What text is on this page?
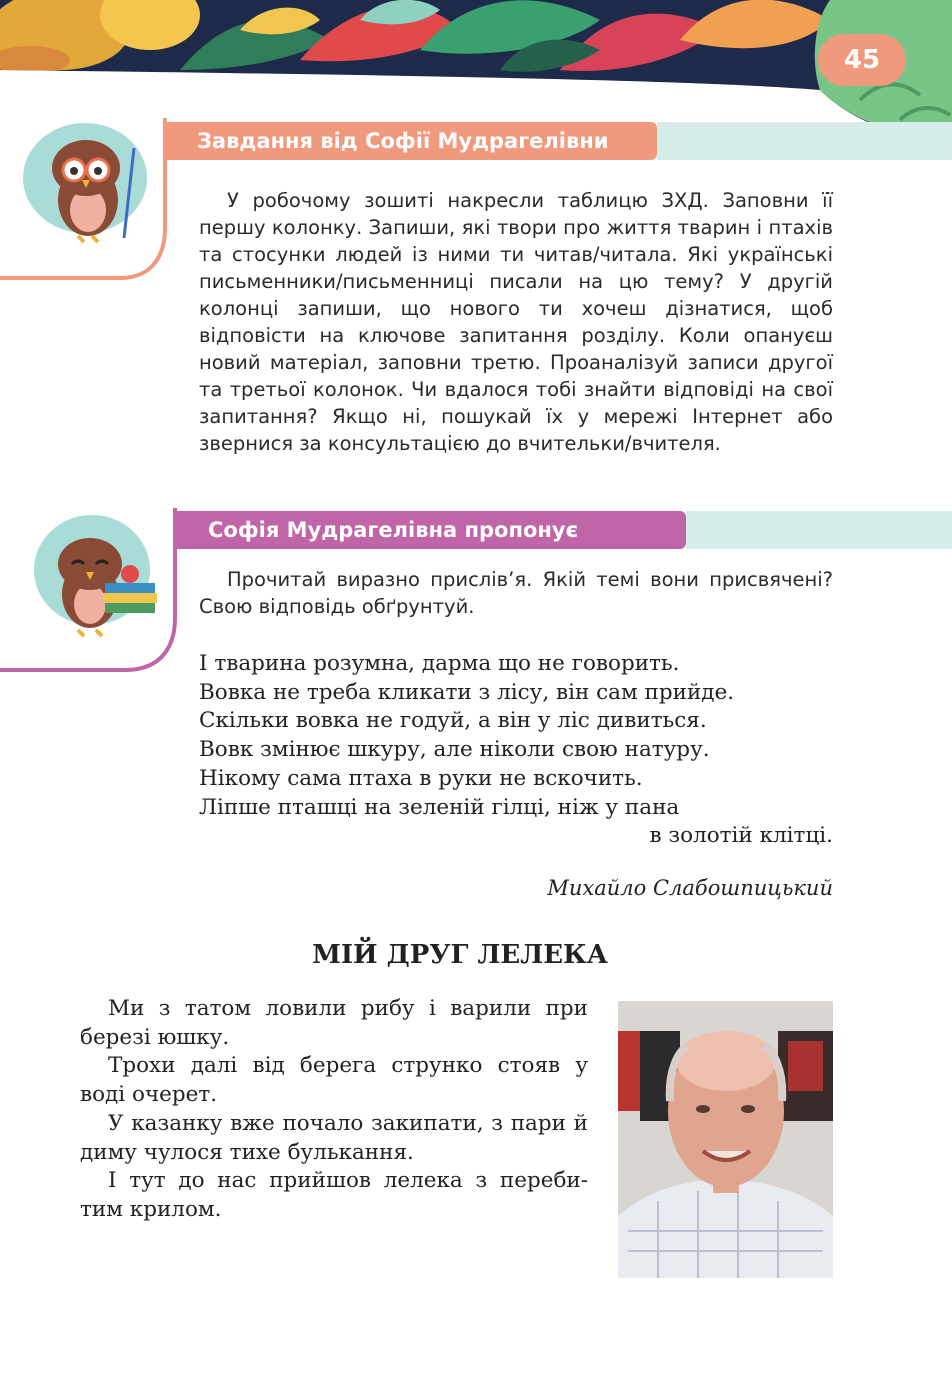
45
Завдання від Софії Мудрагелівни

У робочому зошиті накресли таблицю ЗХД. Заповни її першу колонку. Запиши, які твори про життя тварин і птахів та стосунки людей із ними ти читав/читала. Які українські письменники/письменниці писали на цю тему? У другій колонці запиши, що нового ти хочеш дізнатися, щоб відповісти на ключове запитання розділу. Коли опануєш новий матеріал, заповни третю. Проаналізуй записи другої та третьої колонок. Чи вдалося тобі знайти відповіді на свої запитання? Якщо ні, пошукай їх у мережі Інтернет або звернися за консультацією до вчительки/вчителя.

Софія Мудрагелівна пропонує

Прочитай виразно прислів’я. Якій темі вони присвячені? Свою відповідь обґрунтуй.

І тварина розумна, дарма що не говорить.
Вовка не треба кликати з лісу, він сам прийде.
Скільки вовка не годуй, а він у ліс дивиться.
Вовк змінює шкуру, але ніколи свою натуру.
Нікому сама птаха в руки не вскочить.
Ліпше пташці на зеленій гілці, ніж у пана
в золотій клітці.
Михайло Слабошпицький
МІЙ ДРУГ ЛЕЛЕКА

Ми з татом ловили рибу і варили при березі юшку.

Трохи далі від берега струнко стояв у воді очерет.

У казанку вже почало закипати, з пари й диму чулося тихе булькання.

І тут до нас прийшов лелека з переби-тим крилом.
